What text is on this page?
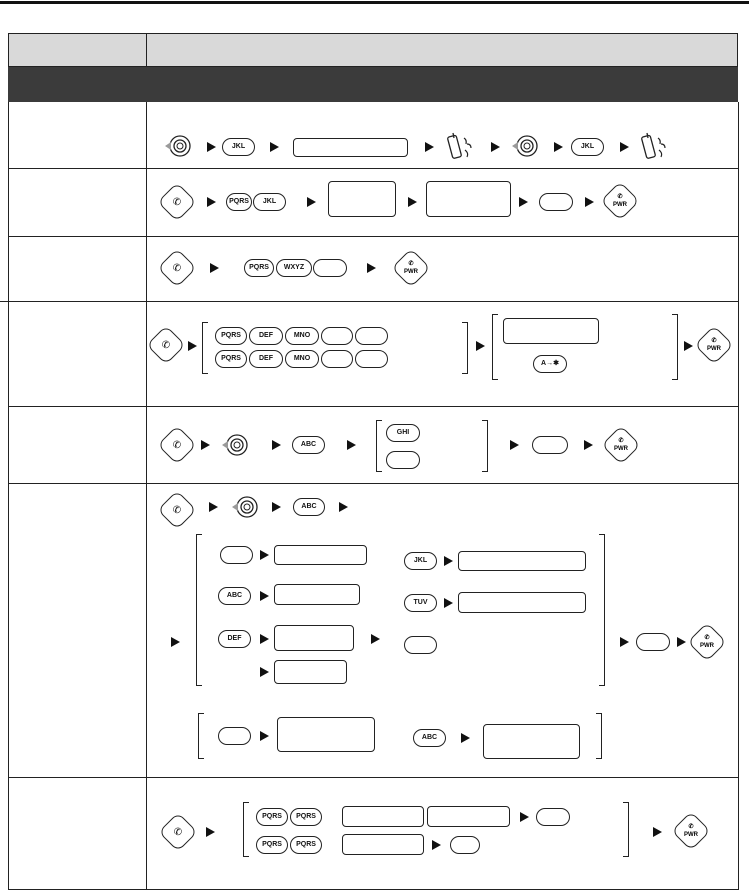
JKL	JKL
✆	PQRS	JKL
✆
PWR
✆	PQRS	WXYZ	✆
PWR
✆
PQRS	DEF	MNO
PQRS	DEF	MNO
A→✱
✆
PWR
✆	ABC
GHI
✆
PWR
✆	ABC
ABC
DEF
JKL
TUV
✆
PWR
ABC
✆
PQRS	PQRS
PQRS	PQRS
✆
PWR
